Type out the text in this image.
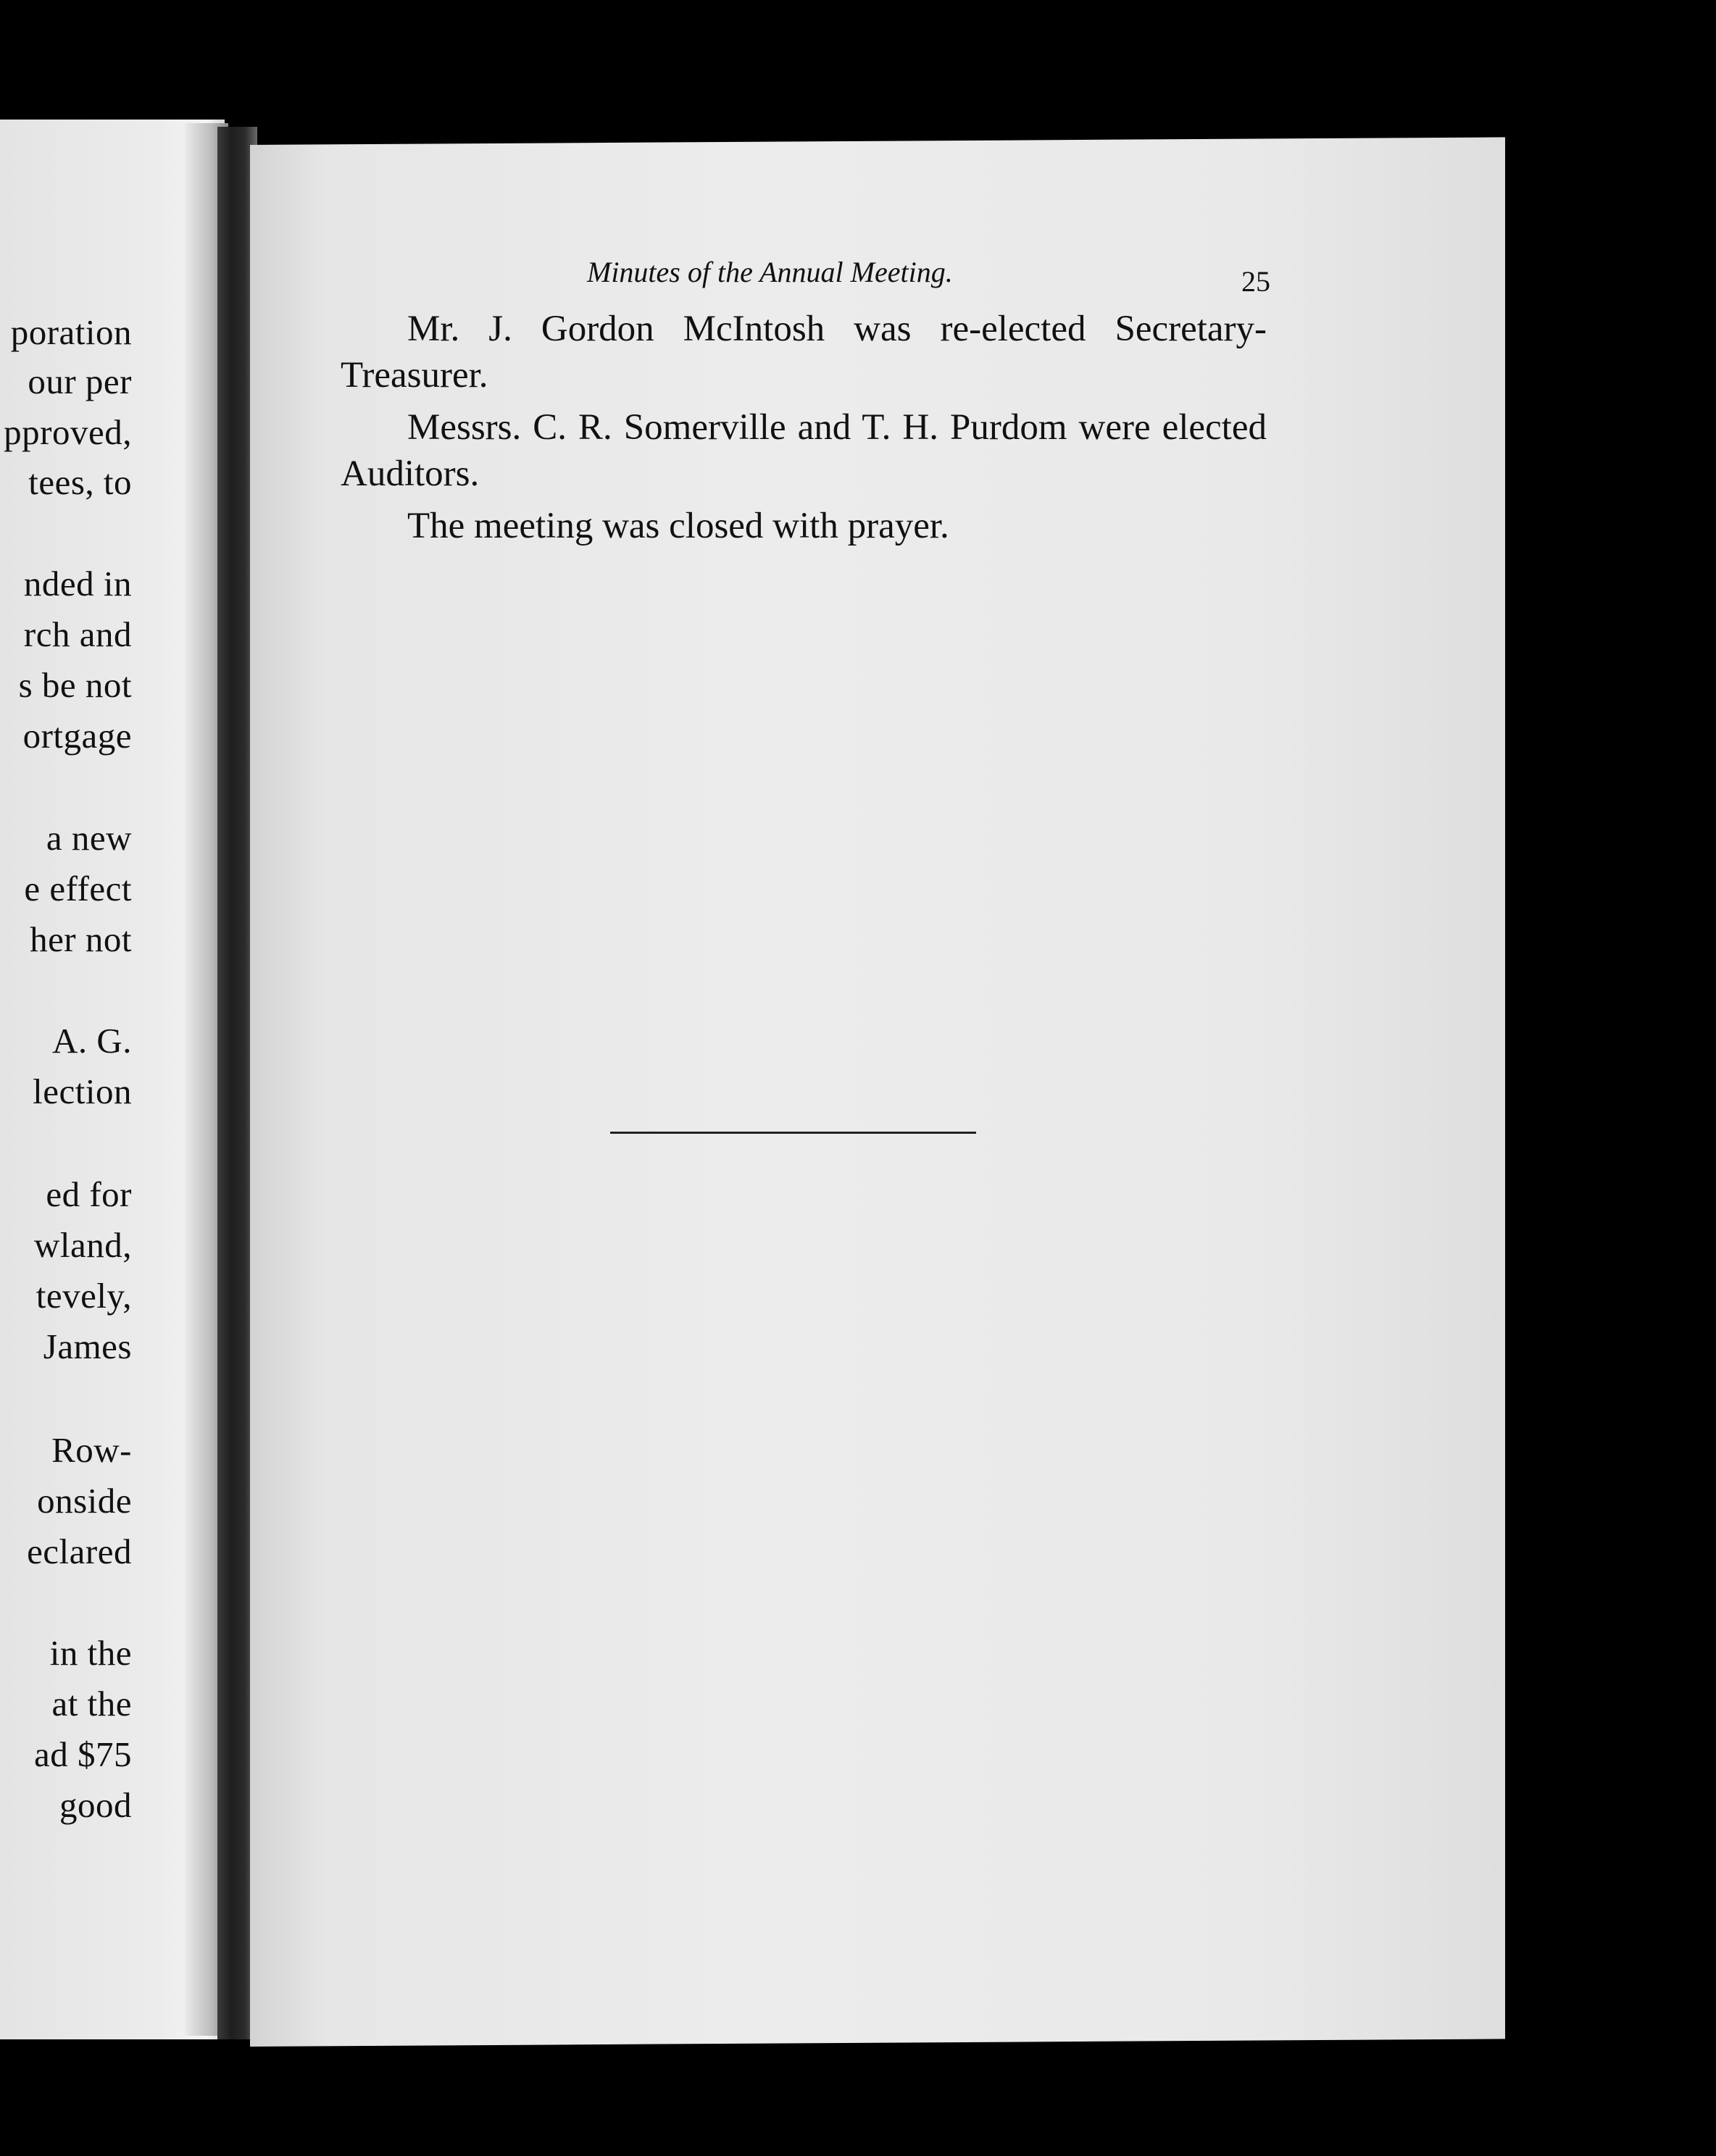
poration
our per
pproved,
tees, to
nded in
rch and
s be not
ortgage
a new
e effect
her not
A. G.
lection
ed for
wland,
tevely,
James
Row-
onside
eclared
in the
at the
ad $75
good
Minutes of the Annual Meeting.	25

Mr. J. Gordon McIntosh was re-elected Secretary-Treasurer.

Messrs. C. R. Somerville and T. H. Purdom were elected Auditors.

The meeting was closed with prayer.
